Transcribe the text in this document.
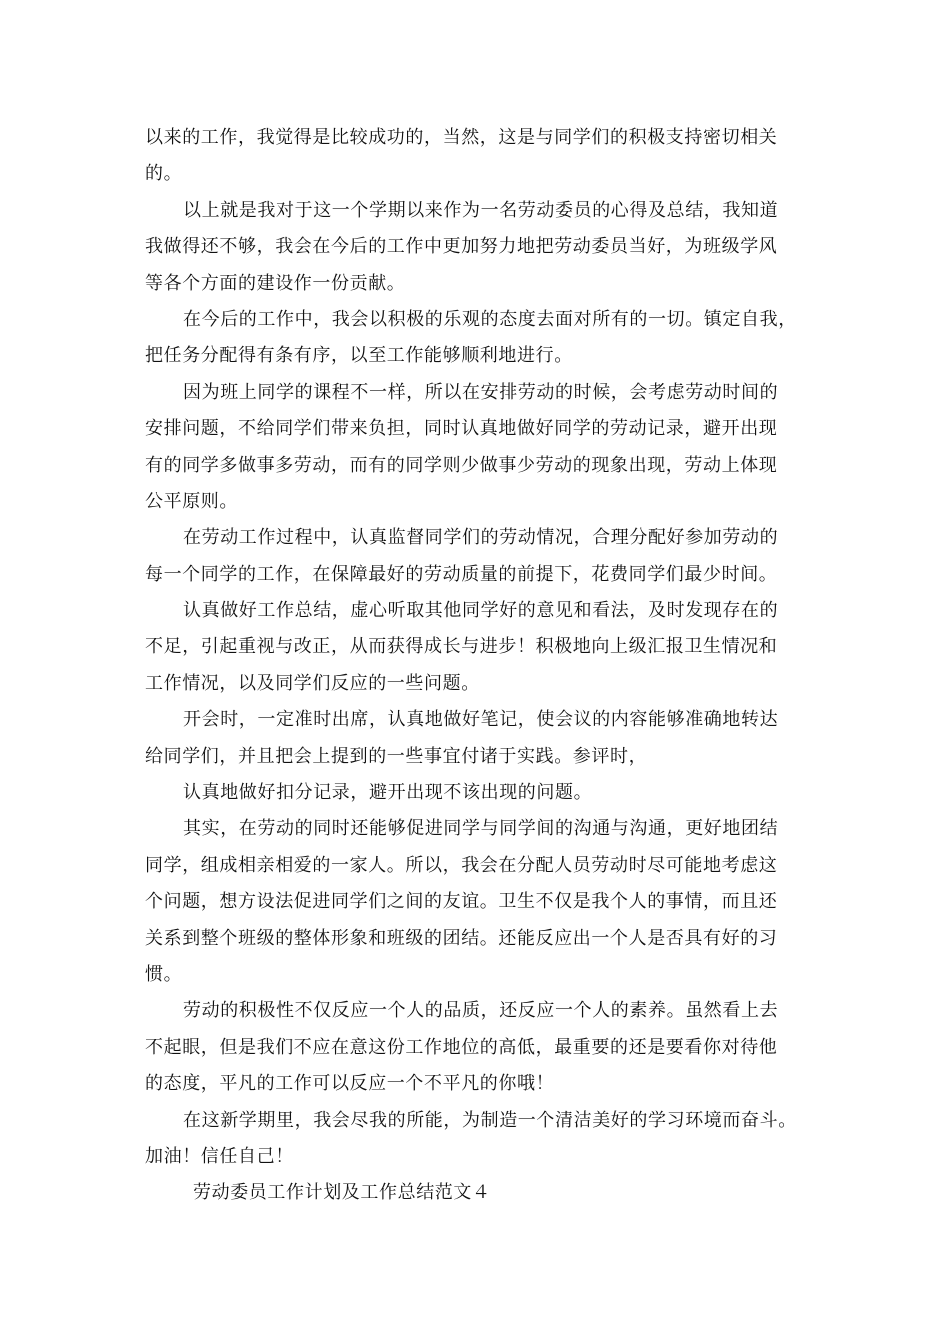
以来的工作，我觉得是比较成功的，当然，这是与同学们的积极支持密切相关
的。
以上就是我对于这一个学期以来作为一名劳动委员的心得及总结，我知道
我做得还不够，我会在今后的工作中更加努力地把劳动委员当好，为班级学风
等各个方面的建设作一份贡献。
在今后的工作中，我会以积极的乐观的态度去面对所有的一切。镇定自我，
把任务分配得有条有序，以至工作能够顺利地进行。
因为班上同学的课程不一样，所以在安排劳动的时候，会考虑劳动时间的
安排问题，不给同学们带来负担，同时认真地做好同学的劳动记录，避开出现
有的同学多做事多劳动，而有的同学则少做事少劳动的现象出现，劳动上体现
公平原则。
在劳动工作过程中，认真监督同学们的劳动情况，合理分配好参加劳动的
每一个同学的工作，在保障最好的劳动质量的前提下，花费同学们最少时间。
认真做好工作总结，虚心听取其他同学好的意见和看法，及时发现存在的
不足，引起重视与改正，从而获得成长与进步！积极地向上级汇报卫生情况和
工作情况，以及同学们反应的一些问题。
开会时，一定准时出席，认真地做好笔记，使会议的内容能够准确地转达
给同学们，并且把会上提到的一些事宜付诸于实践。参评时，
认真地做好扣分记录，避开出现不该出现的问题。
其实，在劳动的同时还能够促进同学与同学间的沟通与沟通，更好地团结
同学，组成相亲相爱的一家人。所以，我会在分配人员劳动时尽可能地考虑这
个问题，想方设法促进同学们之间的友谊。卫生不仅是我个人的事情，而且还
关系到整个班级的整体形象和班级的团结。还能反应出一个人是否具有好的习
惯。
劳动的积极性不仅反应一个人的品质，还反应一个人的素养。虽然看上去
不起眼，但是我们不应在意这份工作地位的高低，最重要的还是要看你对待他
的态度，平凡的工作可以反应一个不平凡的你哦！
在这新学期里，我会尽我的所能，为制造一个清洁美好的学习环境而奋斗。
加油！信任自己！
劳动委员工作计划及工作总结范文４
